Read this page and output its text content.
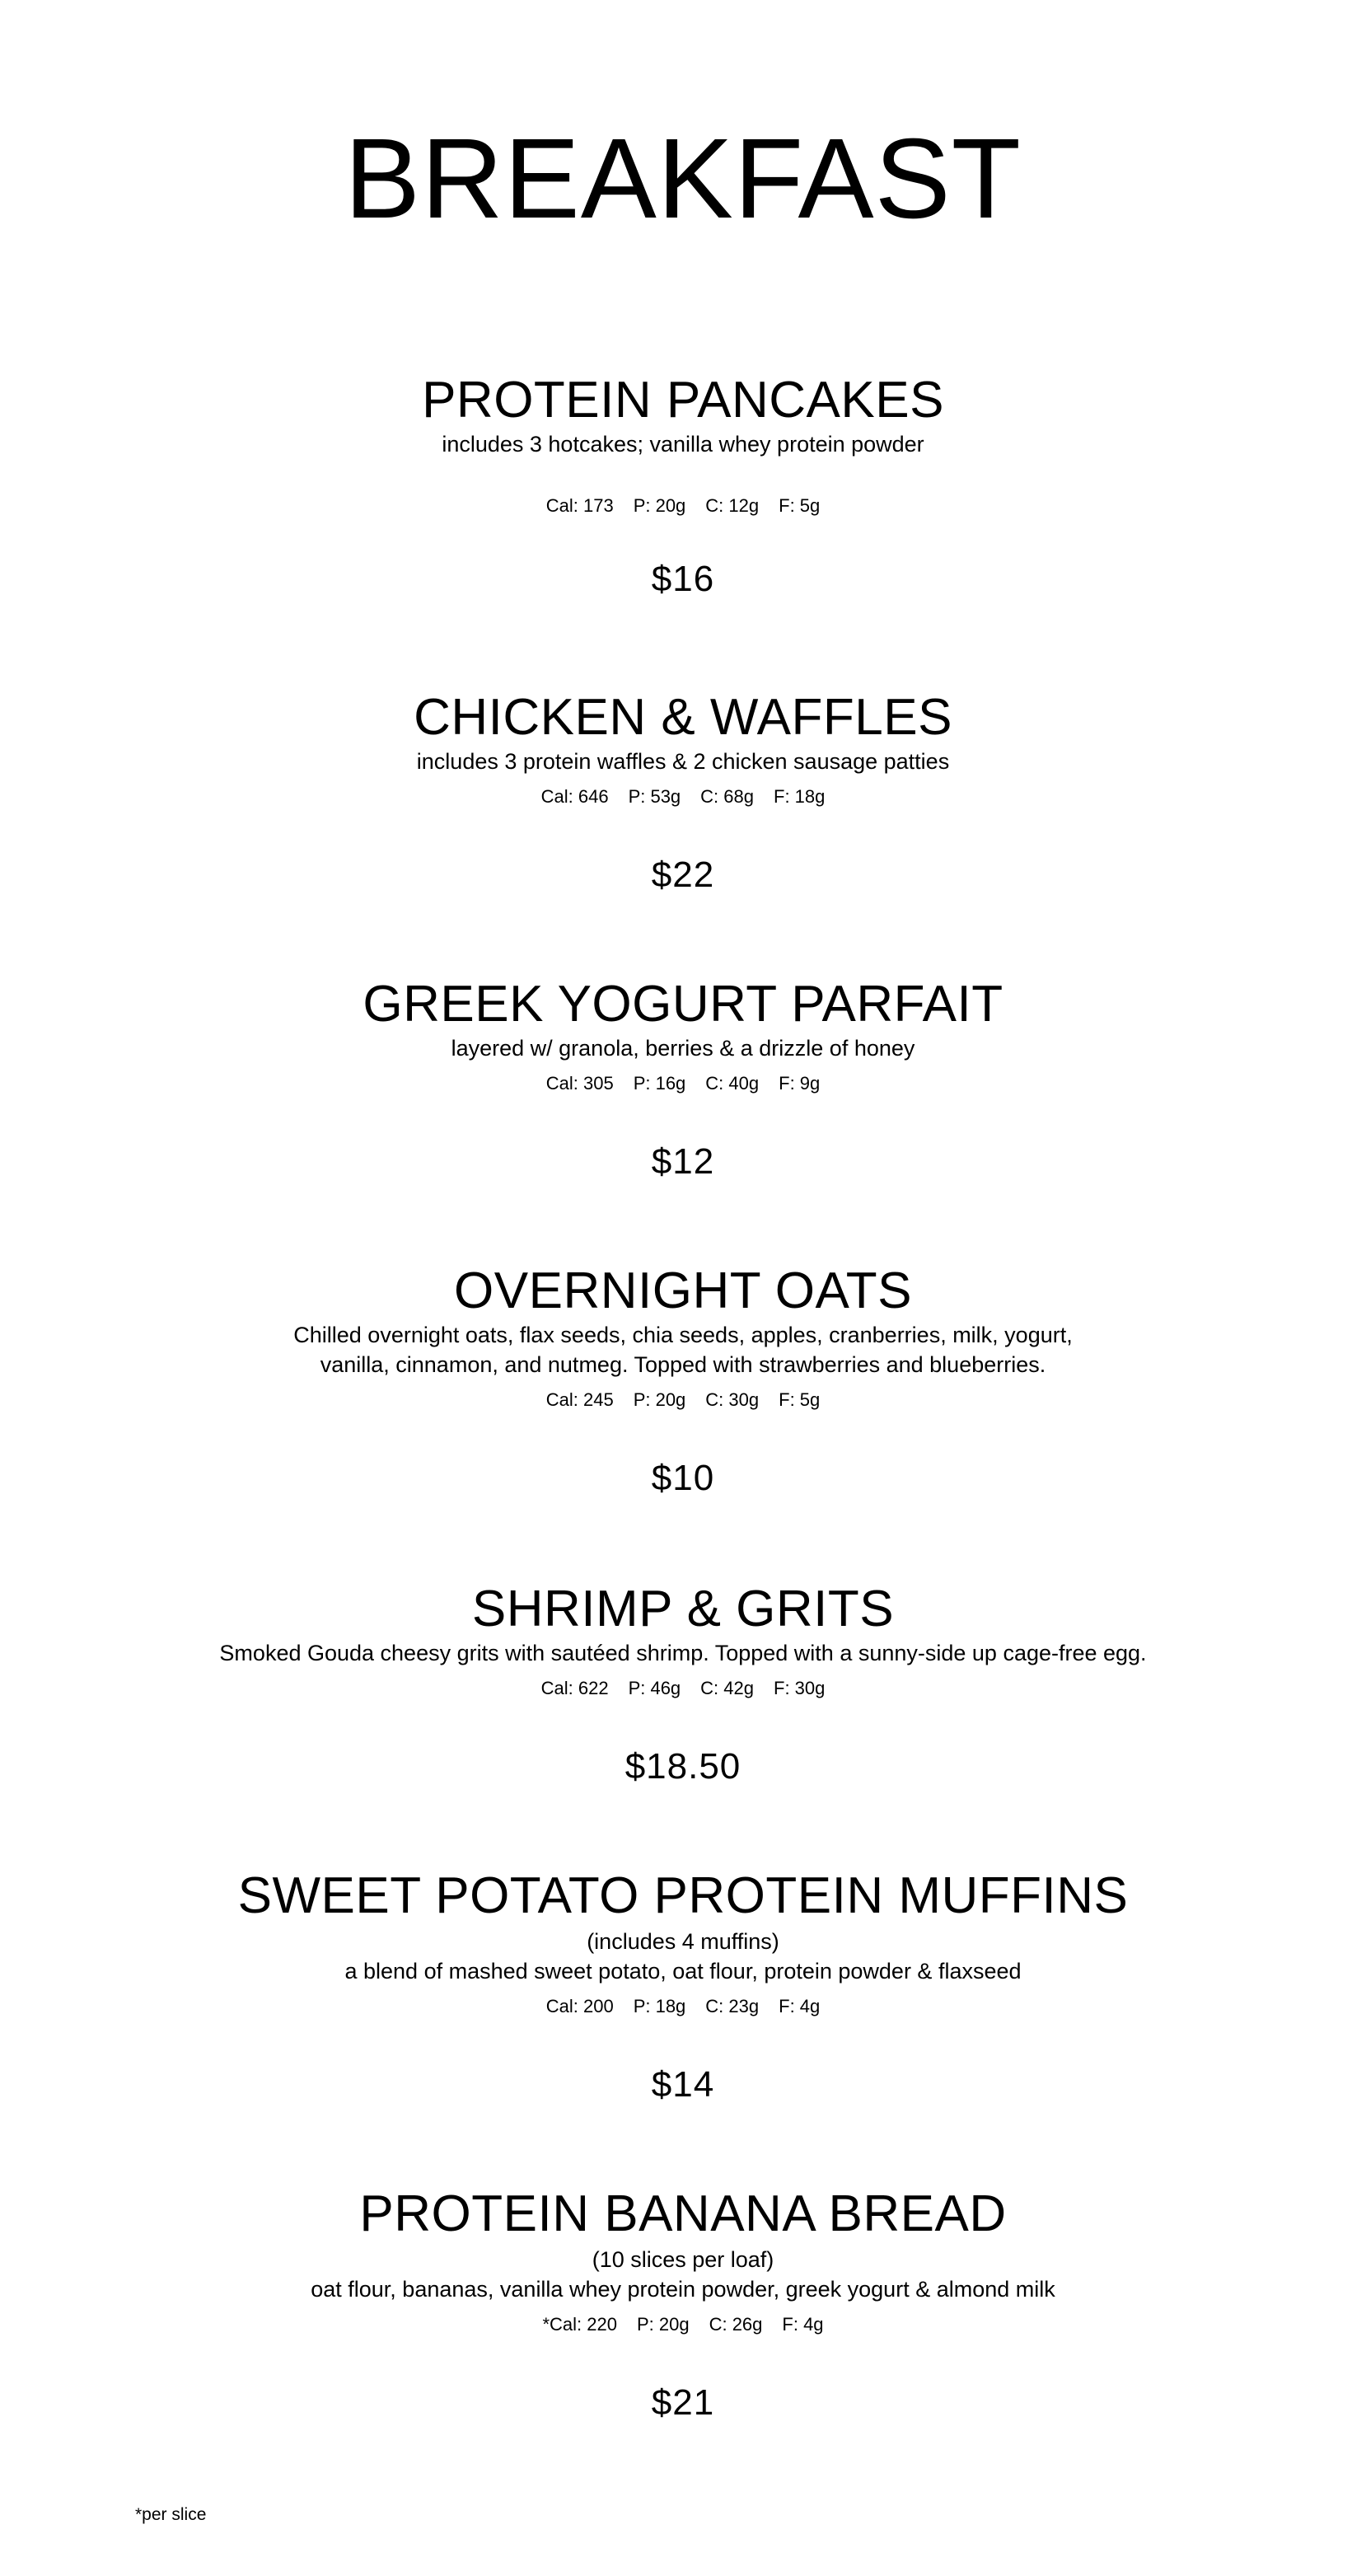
BREAKFAST
PROTEIN PANCAKES
includes 3 hotcakes; vanilla whey protein powder
Cal: 173 P: 20g C: 12g F: 5g
$16
CHICKEN & WAFFLES
includes 3 protein waffles & 2 chicken sausage patties
Cal: 646 P: 53g C: 68g F: 18g
$22
GREEK YOGURT PARFAIT
layered w/ granola, berries & a drizzle of honey
Cal: 305 P: 16g C: 40g F: 9g
$12
OVERNIGHT OATS
Chilled overnight oats, flax seeds, chia seeds, apples, cranberries, milk, yogurt,
vanilla, cinnamon, and nutmeg. Topped with strawberries and blueberries.
Cal: 245 P: 20g C: 30g F: 5g
$10
SHRIMP & GRITS
Smoked Gouda cheesy grits with sautéed shrimp. Topped with a sunny-side up cage-free egg.
Cal: 622 P: 46g C: 42g F: 30g
$18.50
SWEET POTATO PROTEIN MUFFINS
(includes 4 muffins)
a blend of mashed sweet potato, oat flour, protein powder & flaxseed
Cal: 200 P: 18g C: 23g F: 4g
$14
PROTEIN BANANA BREAD
(10 slices per loaf)
oat flour, bananas, vanilla whey protein powder, greek yogurt & almond milk
*Cal: 220 P: 20g C: 26g F: 4g
$21
*per slice
